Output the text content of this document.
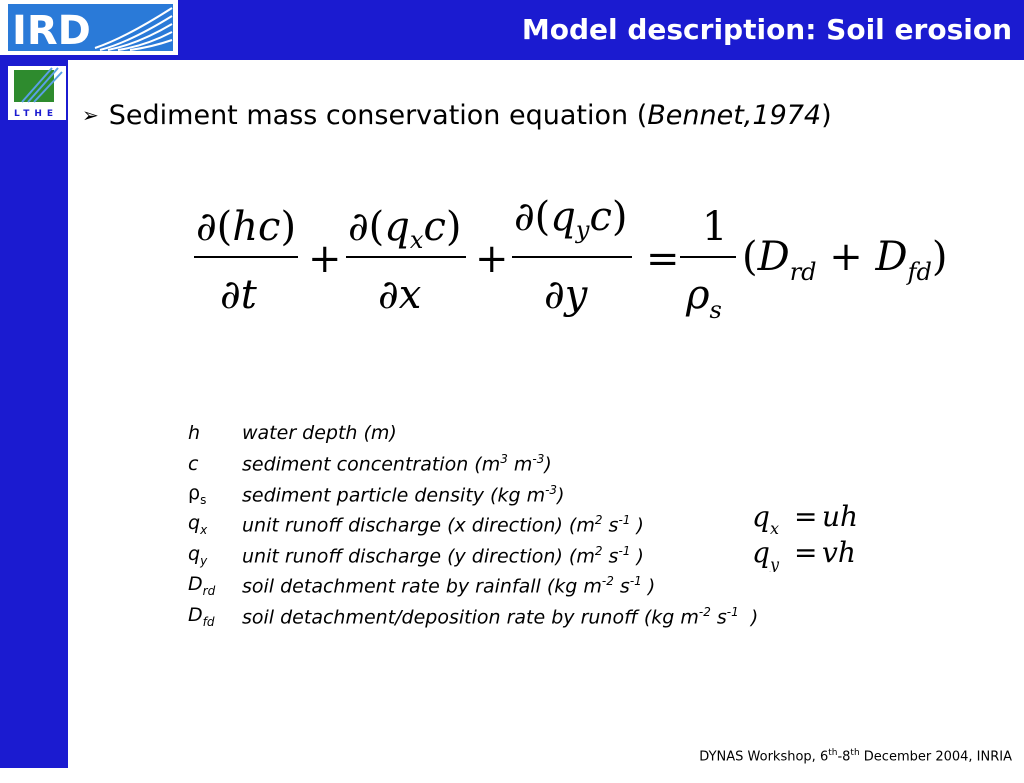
IRD	Model description: Soil erosion
12
LTHE ➢ Sediment mass conservation equation (Bennet,1974)
∂(hc)
∂t
+
$\partial(q_xc)$
∂x
+
$\partial(q_yc)$
∂y
=
1
$\rho_s$
$(D_{rd} + D_{fd})$
h	water depth (m)
c	sediment concentration ($m^3$ $m^{-3}$)
$\rho_s$	sediment particle density (kg $m^{-3}$)
$q_x$	unit runoff discharge (x direction) ($m^2$ $s^{-1}$ )
$q_y$	unit runoff discharge (y direction) ($m^2$ $s^{-1}$ )
$D_{rd}$	soil detachment rate by rainfall (kg $m^{-2}$ $s^{-1}$ )
$D_{fd}$	soil detachment/deposition rate by runoff (kg $m^{-2}$ $s^{-1}$  )
$q_x$ = uh
$q_y$ = vh
DYNAS Workshop, 6th-8th December 2004, INRIA
